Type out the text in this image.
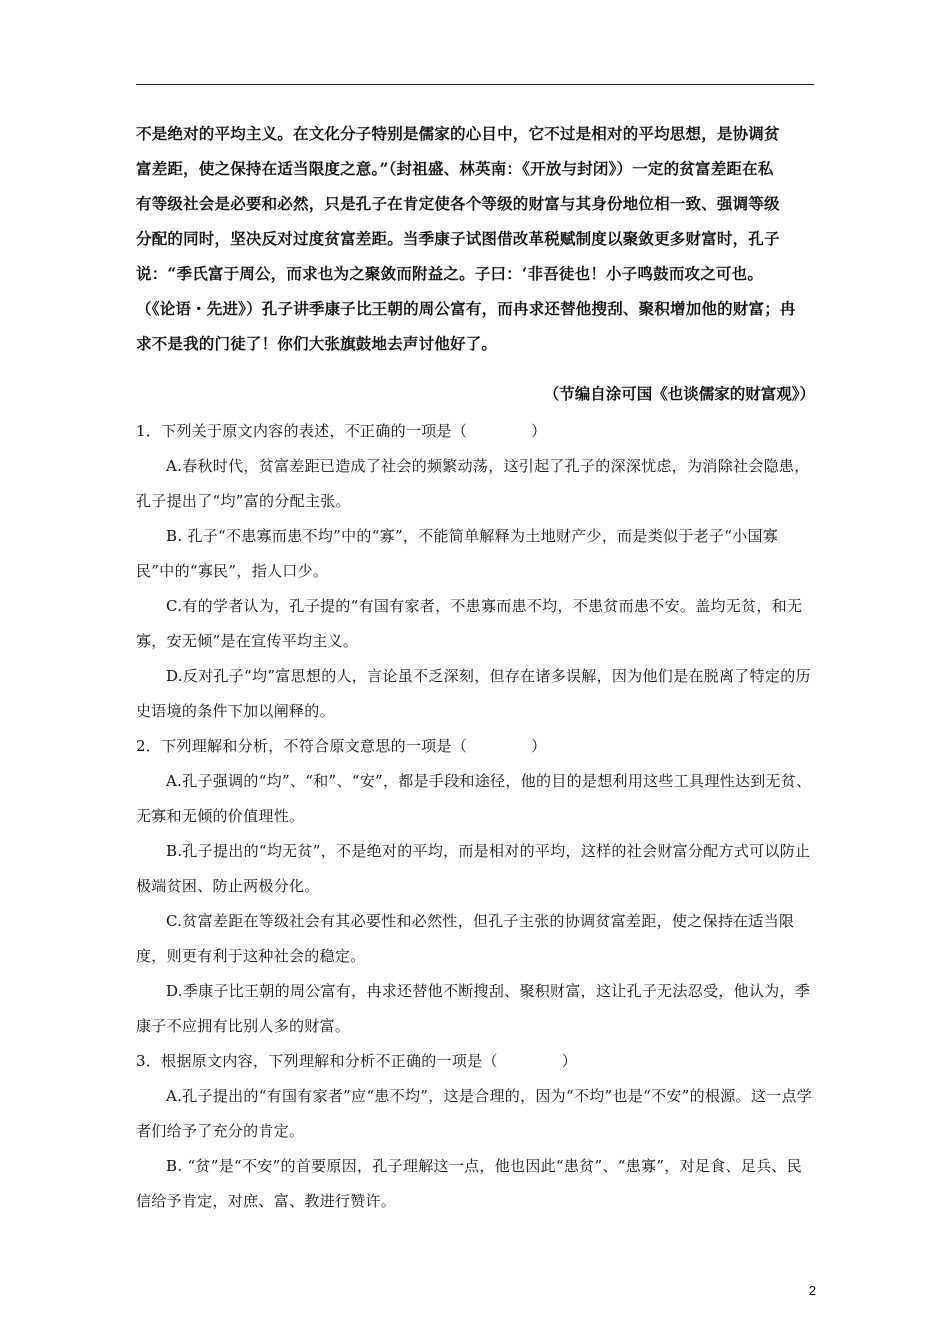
不是绝对的平均主义。在文化分子特别是儒家的心目中，它不过是相对的平均思想，是协调贫

富差距，使之保持在适当限度之意。”（封祖盛、林英南：《开放与封闭》）一定的贫富差距在私

有等级社会是必要和必然，只是孔子在肯定使各个等级的财富与其身份地位相一致、强调等级

分配的同时，坚决反对过度贫富差距。当季康子试图借改革税赋制度以聚敛更多财富时，孔子

说：“季氏富于周公，而求也为之聚敛而附益之。子曰：‘非吾徒也！小子鸣鼓而攻之可也。

（《论语・先进》）孔子讲季康子比王朝的周公富有，而冉求还替他搜刮、聚积增加他的财富；冉

求不是我的门徒了！你们大张旗鼓地去声讨他好了。

（节编自涂可国《也谈儒家的财富观》）

1．下列关于原文内容的表述，不正确的一项是（	）

A.春秋时代，贫富差距已造成了社会的频繁动荡，这引起了孔子的深深忧虑，为消除社会隐患，孔子提出了“均”富的分配主张。

B. 孔子“不患寡而患不均”中的“寡”，不能简单解释为土地财产少，而是类似于老子“小国寡民”中的“寡民”，指人口少。

C.有的学者认为，孔子提的“有国有家者，不患寡而患不均，不患贫而患不安。盖均无贫，和无寡，安无倾”是在宣传平均主义。

D.反对孔子“均”富思想的人，言论虽不乏深刻，但存在诸多误解，因为他们是在脱离了特定的历史语境的条件下加以阐释的。

2．下列理解和分析，不符合原文意思的一项是（	）

A.孔子强调的“均”、“和”、“安”，都是手段和途径，他的目的是想利用这些工具理性达到无贫、无寡和无倾的价值理性。

B.孔子提出的“均无贫”，不是绝对的平均，而是相对的平均，这样的社会财富分配方式可以防止极端贫困、防止两极分化。

C.贫富差距在等级社会有其必要性和必然性，但孔子主张的协调贫富差距，使之保持在适当限度，则更有利于这种社会的稳定。

D.季康子比王朝的周公富有，冉求还替他不断搜刮、聚积财富，这让孔子无法忍受，他认为，季康子不应拥有比别人多的财富。

3．根据原文内容，下列理解和分析不正确的一项是（	）

A.孔子提出的“有国有家者”应“患不均”，这是合理的，因为“不均”也是“不安”的根源。这一点学者们给予了充分的肯定。

B. “贫”是“不安”的首要原因，孔子理解这一点，他也因此“患贫”、“患寡”，对足食、足兵、民信给予肯定，对庶、富、教进行赞许。

2
